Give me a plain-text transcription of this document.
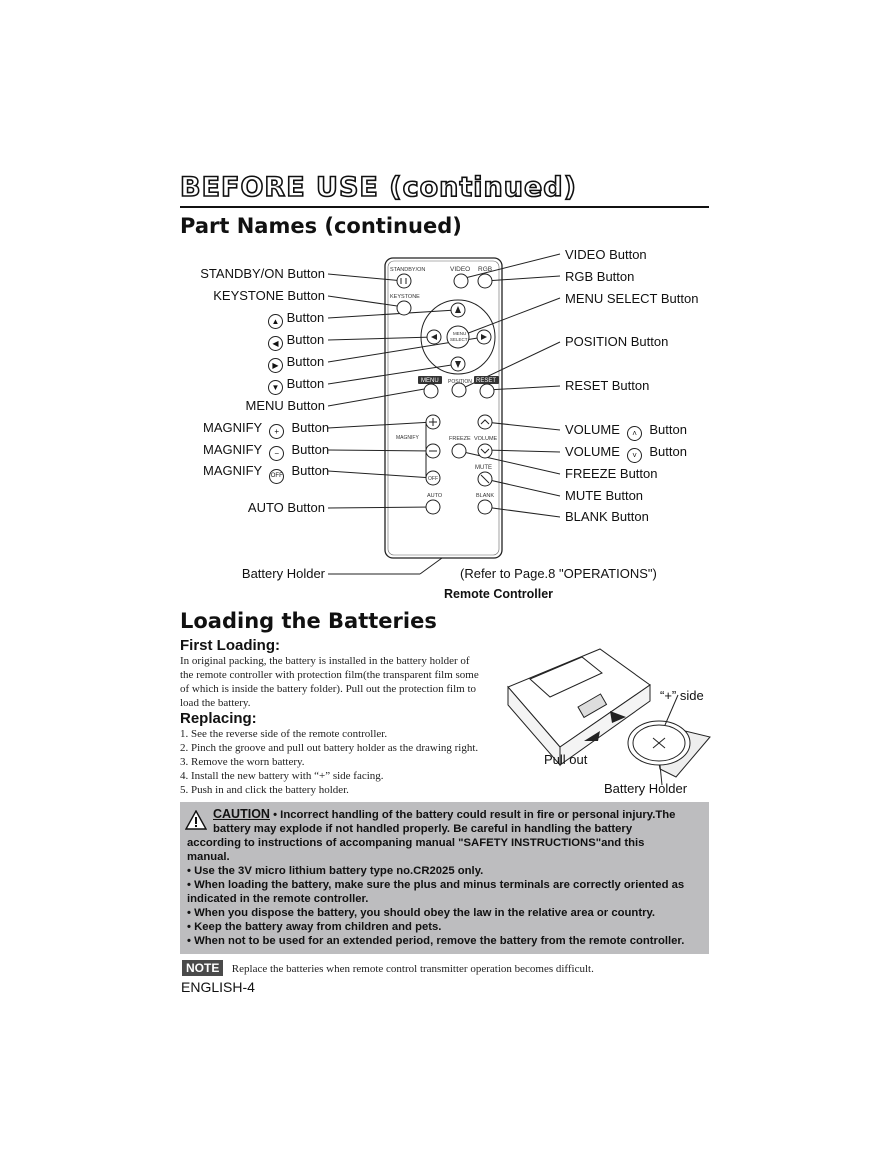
BEFORE USE (continued)
Part Names (continued)
STANDBY/ON	VIDEO RGB
KEYSTONE
MENU
SELECT
MENU POSITION RESET
MAGNIFY	FREEZE VOLUME
MUTE
AUTO	BLANK
OFF
STANDBY/ON Button
KEYSTONE Button
▲ Button
◀ Button
▶ Button
▼ Button
MENU Button
MAGNIFY + Button
MAGNIFY − Button
MAGNIFY OFF Button
AUTO Button
Battery Holder
VIDEO Button
RGB Button
MENU SELECT Button
POSITION Button
RESET Button
VOLUME ˄ Button
VOLUME ˅ Button
FREEZE Button
MUTE Button
BLANK Button
(Refer to Page.8 "OPERATIONS")
Remote Controller
Loading the Batteries
First Loading:
In original packing, the battery is installed in the battery holder of
the remote controller with protection film(the transparent film some
of which is inside the battery folder). Pull out the protection film to
load the battery.
Replacing:
1. See the reverse side of the remote controller.
2. Pinch the groove and pull out battery holder as the drawing right.
3. Remove the worn battery.
4. Install the new battery with “+” side facing.
5. Push in and click the battery holder.
“+” side
Pull out
Battery Holder
CAUTION • Incorrect handling of the battery could result in fire or personal injury.The
battery may explode if not handled properly. Be careful in handling the battery
according to instructions of accompaning manual "SAFETY INSTRUCTIONS"and this
manual.
• Use the 3V micro lithium battery type no.CR2025 only.
• When loading the battery, make sure the plus and minus terminals are correctly oriented as
indicated in the remote controller.
• When you dispose the battery, you should obey the law in the relative area or country.
• Keep the battery away from children and pets.
• When not to be used for an extended period, remove the battery from the remote controller.
NOTE Replace the batteries when remote control transmitter operation becomes difficult.
ENGLISH-4
